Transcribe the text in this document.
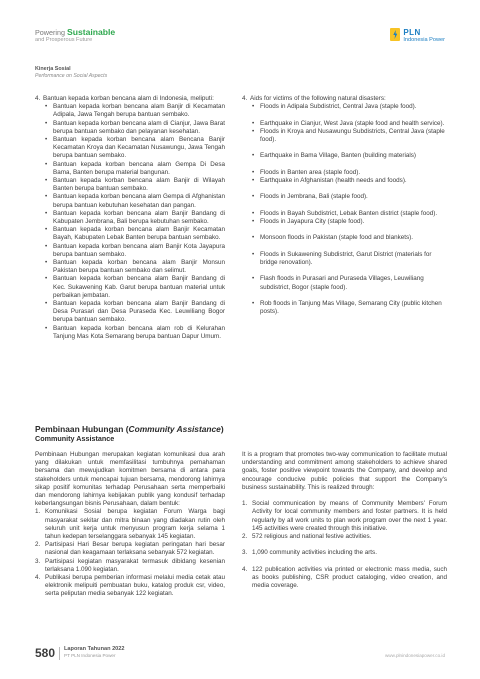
Powering Sustainable
and Prosperous Future
PLN
Indonesia Power
Kinerja Sosial
Performance on Social Aspects
4. Bantuan kepada korban bencana alam di Indonesia, meliputi:
• Bantuan kepada korban bencana alam Banjir di Kecamatan Adipala, Jawa Tengah berupa bantuan sembako.
• Bantuan kepada korban bencana alam di Cianjur, Jawa Barat berupa bantuan sembako dan pelayanan kesehatan.
• Bantuan kepada korban bencana alam Bencana Banjir Kecamatan Kroya dan Kecamatan Nusawungu, Jawa Tengah berupa bantuan sembako.
• Bantuan kepada korban bencana alam Gempa Di Desa Bama, Banten berupa material bangunan.
• Bantuan kepada korban bencana alam Banjir di Wilayah Banten berupa bantuan sembako.
• Bantuan kepada korban bencana alam Gempa di Afghanistan berupa bantuan kebutuhan kesehatan dan pangan.
• Bantuan kepada korban bencana alam Banjir Bandang di Kabupaten Jembrana, Bali berupa kebutuhan sembako.
• Bantuan kepada korban bencana alam Banjir Kecamatan Bayah, Kabupaten Lebak Banten berupa bantuan sembako.
• Bantuan kepada korban bencana alam Banjir Kota Jayapura berupa bantuan sembako.
• Bantuan kepada korban bencana alam Banjir Monsun Pakistan berupa bantuan sembako dan selimut.
• Bantuan kepada korban bencana alam Banjir Bandang di Kec. Sukawening Kab. Garut berupa bantuan material untuk perbaikan jembatan.
• Bantuan kepada korban bencana alam Banjir Bandang di Desa Purasari dan Desa Puraseda Kec. Leuwiliang Bogor berupa bantuan sembako.
• Bantuan kepada korban bencana alam rob di Kelurahan Tanjung Mas Kota Semarang berupa bantuan Dapur Umum.
4. Aids for victims of the following natural disasters:
• Floods in Adipala Subdistrict, Central Java (staple food).
• Earthquake in Cianjur, West Java (staple food and health service).
• Floods in Kroya and Nusawungu Subdistricts, Central Java (staple food).
• Earthquake in Bama Village, Banten (building materials)
• Floods in Banten area (staple food).
• Earthquake in Afghanistan (health needs and foods).
• Floods in Jembrana, Bali (staple food).
• Floods in Bayah Subdistrict, Lebak Banten district (staple food).
• Floods in Jayapura City (staple food).
• Monsoon floods in Pakistan (staple food and blankets).
• Floods in Sukawening Subdistrict, Garut District (materials for bridge renovation).
• Flash floods in Purasari and Puraseda Villages, Leuwiliang subdistrict, Bogor (staple food).
• Rob floods in Tanjung Mas Village, Semarang City (public kitchen posts).
Pembinaan Hubungan (Community Assistance)
Community Assistance

Pembinaan Hubungan merupakan kegiatan komunikasi dua arah yang dilakukan untuk memfasilitasi tumbuhnya pemahaman bersama dan mewujudkan komitmen bersama di antara para stakeholders untuk mencapai tujuan bersama, mendorong lahirnya sikap positif komunitas terhadap Perusahaan serta memperbaiki dan mendorong lahirnya kebijakan publik yang kondusif terhadap keberlangsungan bisnis Perusahaan, dalam bentuk:

1. Komunikasi Sosial berupa kegiatan Forum Warga bagi masyarakat sekitar dan mitra binaan yang diadakan rutin oleh seluruh unit kerja untuk menyusun program kerja selama 1 tahun kedepan terselanggara sebanyak 145 kegiatan.
2. Partisipasi Hari Besar berupa kegiatan peringatan hari besar nasional dan keagamaan terlaksana sebanyak 572 kegiatan.
3. Partisipasi kegiatan masyarakat termasuk dibidang kesenian terlaksana 1.090 kegiatan.
4. Publikasi berupa pemberian informasi melalui media cetak atau elektronik melipuiti pembuatan buku, katalog produk csr, video, serta peliputan media sebanyak 122 kegiatan.

It is a program that promotes two-way communication to facilitate mutual understanding and commitment among stakeholders to achieve shared goals, foster positive viewpoint towards the Company, and develop and encourage conducive public policies that support the Company's business sustainability. This is realized through:

1. Social communication by means of Community Members' Forum Activity for local community members and foster partners. It is held regularly by all work units to plan work program over the next 1 year. 145 activities were created through this initiative.
2. 572 religious and national festive activities.
3. 1,090 community activities including the arts.
4. 122 publication activities via printed or electronic mass media, such as books publishing, CSR product cataloging, video creation, and media coverage.
580 Laporan Tahunan 2022
PT PLN Indonesia Power	www.plnindonesiapower.co.id
